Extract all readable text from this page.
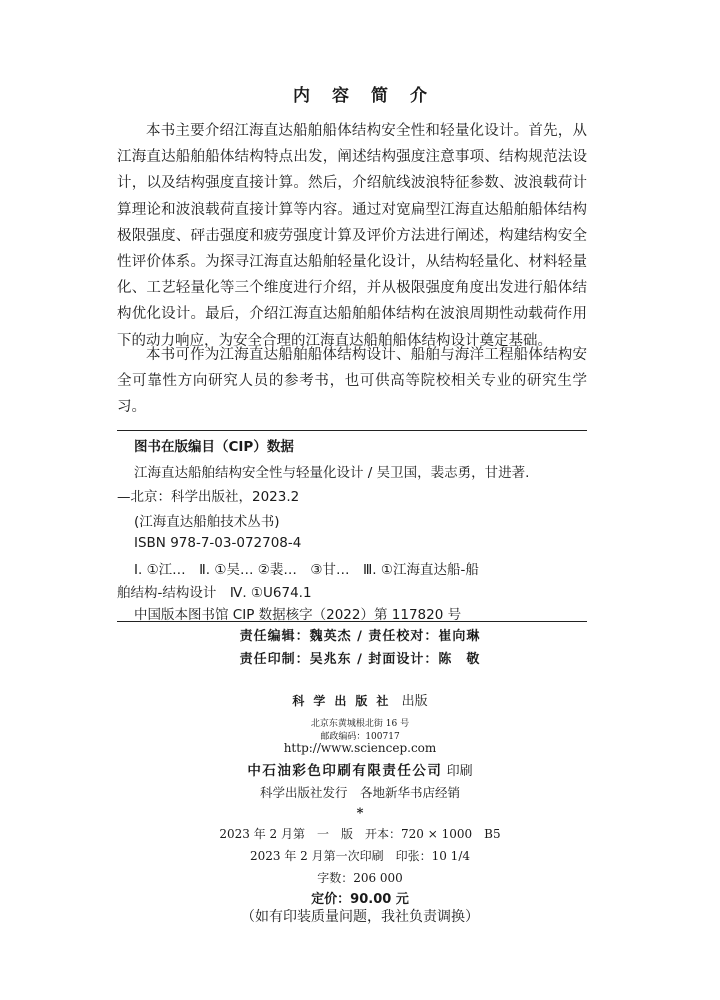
内容简介

本书主要介绍江海直达船舶船体结构安全性和轻量化设计。首先，从江海直达船舶船体结构特点出发，阐述结构强度注意事项、结构规范法设计，以及结构强度直接计算。然后，介绍航线波浪特征参数、波浪载荷计算理论和波浪载荷直接计算等内容。通过对宽扁型江海直达船舶船体结构极限强度、砰击强度和疲劳强度计算及评价方法进行阐述，构建结构安全性评价体系。为探寻江海直达船舶轻量化设计，从结构轻量化、材料轻量化、工艺轻量化等三个维度进行介绍，并从极限强度角度出发进行船体结构优化设计。最后，介绍江海直达船舶船体结构在波浪周期性动载荷作用下的动力响应，为安全合理的江海直达船舶船体结构设计奠定基础。

本书可作为江海直达船舶船体结构设计、船舶与海洋工程船体结构安全可靠性方向研究人员的参考书，也可供高等院校相关专业的研究生学习。

图书在版编目（CIP）数据
江海直达船舶结构安全性与轻量化设计 / 吴卫国，裴志勇，甘进著.
—北京：科学出版社，2023.2
(江海直达船舶技术丛书)
ISBN 978-7-03-072708-4
Ⅰ. ①江…　Ⅱ. ①吴… ②裴…　③甘…　Ⅲ. ①江海直达船-船
舶结构-结构设计　Ⅳ. ①U674.1
中国版本图书馆 CIP 数据核字（2022）第 117820 号
责任编辑：魏英杰 / 责任校对：崔向琳
责任印制：吴兆东 / 封面设计：陈　敬
科学出版社 出版
北京东黄城根北街 16 号
邮政编码：100717
http://www.sciencep.com
中石油彩色印刷有限责任公司 印刷
科学出版社发行　各地新华书店经销
*
2023 年 2 月第　一　版　开本：720 × 1000　B5
2023 年 2 月第一次印刷　印张：10 1/4
字数：206 000
定价：90.00 元
（如有印装质量问题，我社负责调换）
